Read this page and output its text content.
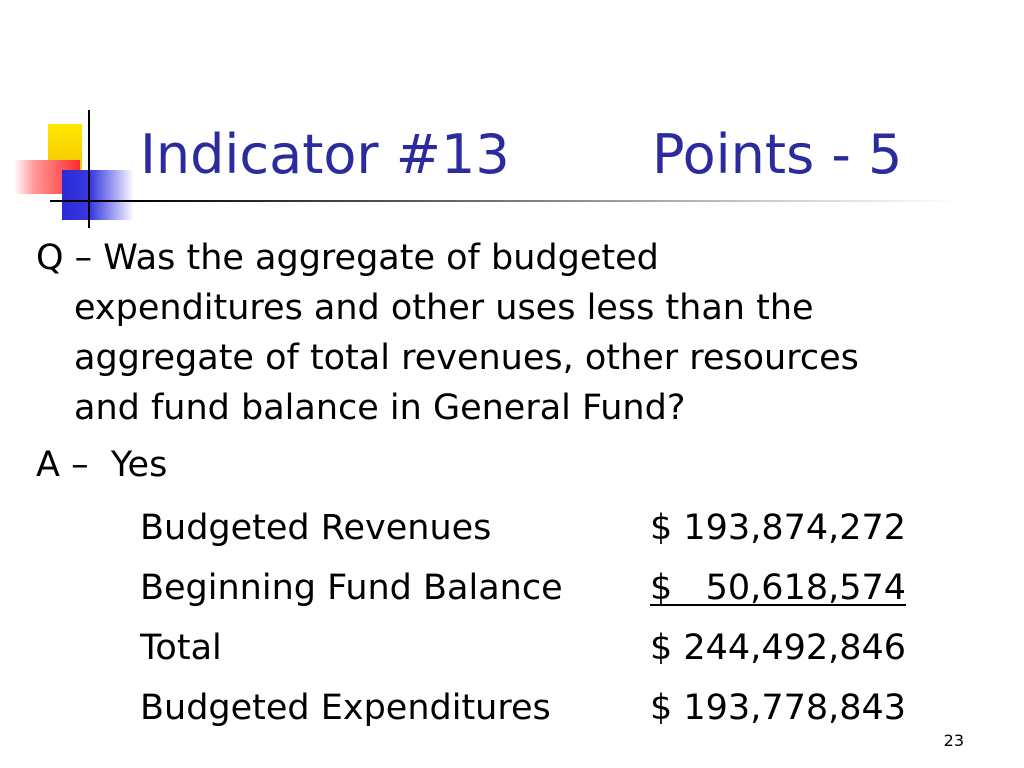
Indicator #13	Points - 5
Q – Was the aggregate of budgeted
expenditures and other uses less than the
aggregate of total revenues, other resources
and fund balance in General Fund?
A –  Yes
Budgeted Revenues	$ 193,874,272
Beginning Fund Balance $   50,618,574
Total	$ 244,492,846
Budgeted Expenditures	$ 193,778,843
23
